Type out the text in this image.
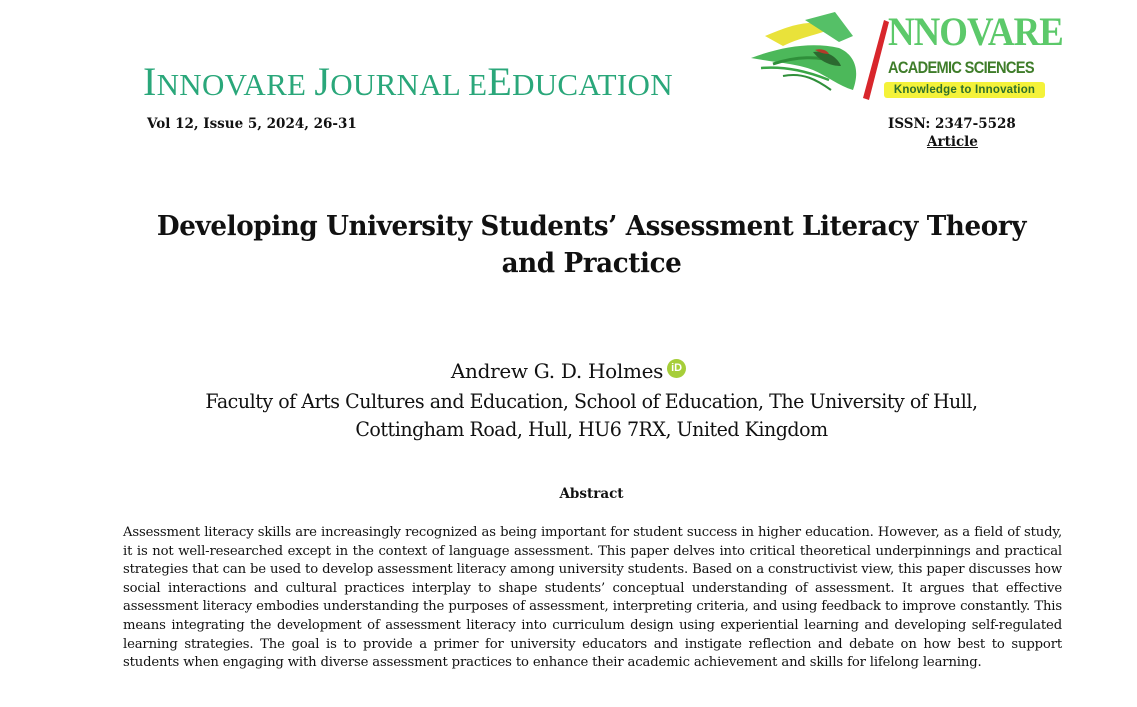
INNOVARE JOURNAL EEDUCATION
Vol 12, Issue 5, 2024, 26-31	ISSN: 2347-5528
Article
NNOVARE
ACADEMIC SCIENCES
Knowledge to Innovation
Developing University Students’ Assessment Literacy Theory
and Practice
Andrew G. D. Holmes iD
Faculty of Arts Cultures and Education, School of Education, The University of Hull,
Cottingham Road, Hull, HU6 7RX, United Kingdom
Abstract
Assessment literacy skills are increasingly recognized as being important for student success in higher education. However, as a field of study, it is not well-researched except in the context of language assessment. This paper delves into critical theoretical underpinnings and practical strategies that can be used to develop assessment literacy among university students. Based on a constructivist view, this paper discusses how social interactions and cultural practices interplay to shape students’ conceptual understanding of assessment. It argues that effective assessment literacy embodies understanding the purposes of assessment, interpreting criteria, and using feedback to improve constantly. This means integrating the development of assessment literacy into curriculum design using experiential learning and developing self-regulated learning strategies. The goal is to provide a primer for university educators and instigate reflection and debate on how best to support students when engaging with diverse assessment practices to enhance their academic achievement and skills for lifelong learning.
